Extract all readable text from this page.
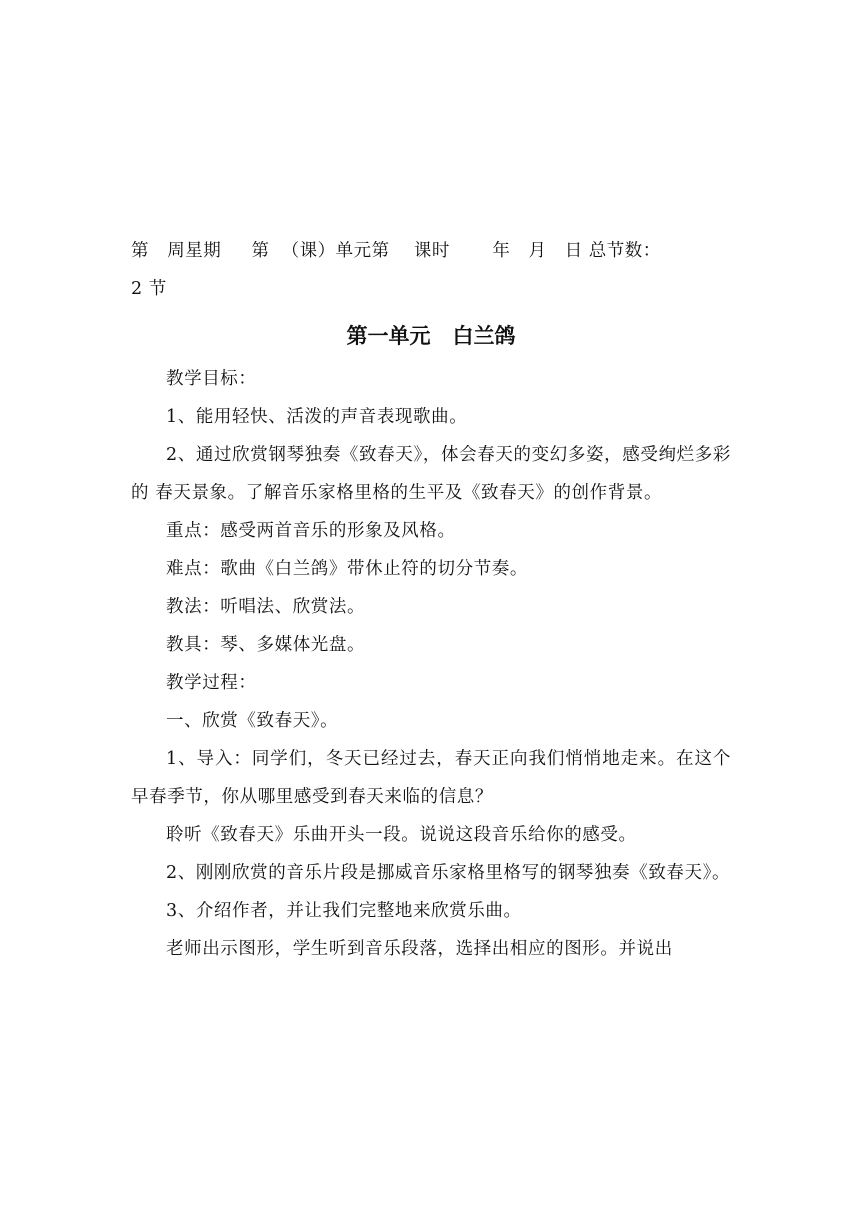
第   周星期     第  （课）单元第    课时       年   月   日 总节数：

2 节

第一单元   白兰鸽

教学目标：

1、能用轻快、活泼的声音表现歌曲。

2、通过欣赏钢琴独奏《致春天》，体会春天的变幻多姿，感受绚烂多彩的 春天景象。了解音乐家格里格的生平及《致春天》的创作背景。

重点：感受两首音乐的形象及风格。

难点：歌曲《白兰鸽》带休止符的切分节奏。

教法：听唱法、欣赏法。

教具：琴、多媒体光盘。

教学过程：

一、欣赏《致春天》。

1、导入：同学们，冬天已经过去，春天正向我们悄悄地走来。在这个早春季节，你从哪里感受到春天来临的信息？

聆听《致春天》乐曲开头一段。说说这段音乐给你的感受。

2、刚刚欣赏的音乐片段是挪威音乐家格里格写的钢琴独奏《致春天》。

3、介绍作者，并让我们完整地来欣赏乐曲。

老师出示图形，学生听到音乐段落，选择出相应的图形。并说出
